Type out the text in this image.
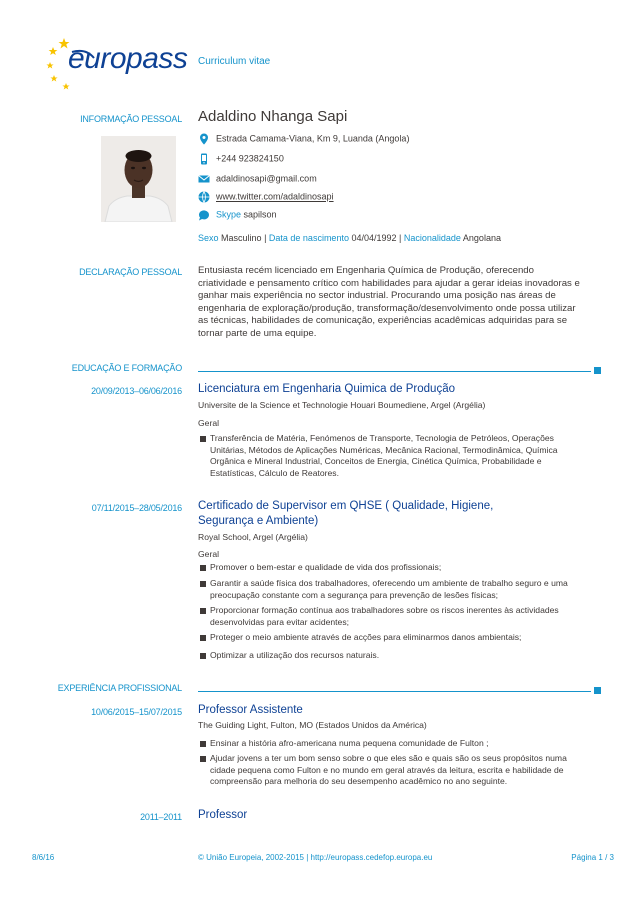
europass Curriculum vitae
INFORMAÇÃO PESSOAL Adaldino Nhanga Sapi
Estrada Camama-Viana, Km 9, Luanda (Angola)
+244 923824150
adaldinosapi@gmail.com
www.twitter.com/adaldinosapi
Skype sapilson
Sexo Masculino | Data de nascimento 04/04/1992 | Nacionalidade Angolana
DECLARAÇÃO PESSOAL Entusiasta recém licenciado em Engenharia Química de Produção, oferecendo
criatividade e pensamento crítico com habilidades para ajudar a gerar ideias inovadoras e
ganhar mais experiência no sector industrial. Procurando uma posição nas áreas de
engenharia de exploração/produção, transformação/desenvolvimento onde possa utilizar
as técnicas, habilidades de comunicação, experiências acadêmicas adquiridas para se
tornar parte de uma equipe.
EDUCAÇÃO E FORMAÇÃO
20/09/2013–06/06/2016 Licenciatura em Engenharia Quimica de Produção
Universite de la Science et Technologie Houari Boumediene, Argel (Argélia)
Geral
Transferência de Matéria, Fenómenos de Transporte, Tecnologia de Petróleos, Operações
Unitárias, Métodos de Aplicações Numéricas, Mecânica Racional, Termodinâmica, Química
Orgânica e Mineral Industrial, Conceitos de Energia, Cinética Química, Probabilidade e
Estatísticas, Cálculo de Reatores.
07/11/2015–28/05/2016 Certificado de Supervisor em QHSE ( Qualidade, Higiene,
Segurança e Ambiente)
Royal School, Argel (Argélia)
Geral
Promover o bem-estar e qualidade de vida dos profissionais;
Garantir a saúde física dos trabalhadores, oferecendo um ambiente de trabalho seguro e uma
preocupação constante com a segurança para prevenção de lesões físicas;
Proporcionar formação contínua aos trabalhadores sobre os riscos inerentes às actividades
desenvolvidas para evitar acidentes;
Proteger o meio ambiente através de acções para eliminarmos danos ambientais;
Optimizar a utilização dos recursos naturais.
EXPERIÊNCIA PROFISSIONAL
10/06/2015–15/07/2015 Professor Assistente
The Guiding Light, Fulton, MO (Estados Unidos da América)
Ensinar a história afro-americana numa pequena comunidade de Fulton ;
Ajudar jovens a ter um bom senso sobre o que eles são e quais são os seus propósitos numa
cidade pequena como Fulton e no mundo em geral através da leitura, escrita e habilidade de
compreensão para melhoria do seu desempenho acadêmico no ano seguinte.
2011–2011 Professor
8/6/16	© União Europeia, 2002-2015 | http://europass.cedefop.europa.eu	Página 1 / 3
